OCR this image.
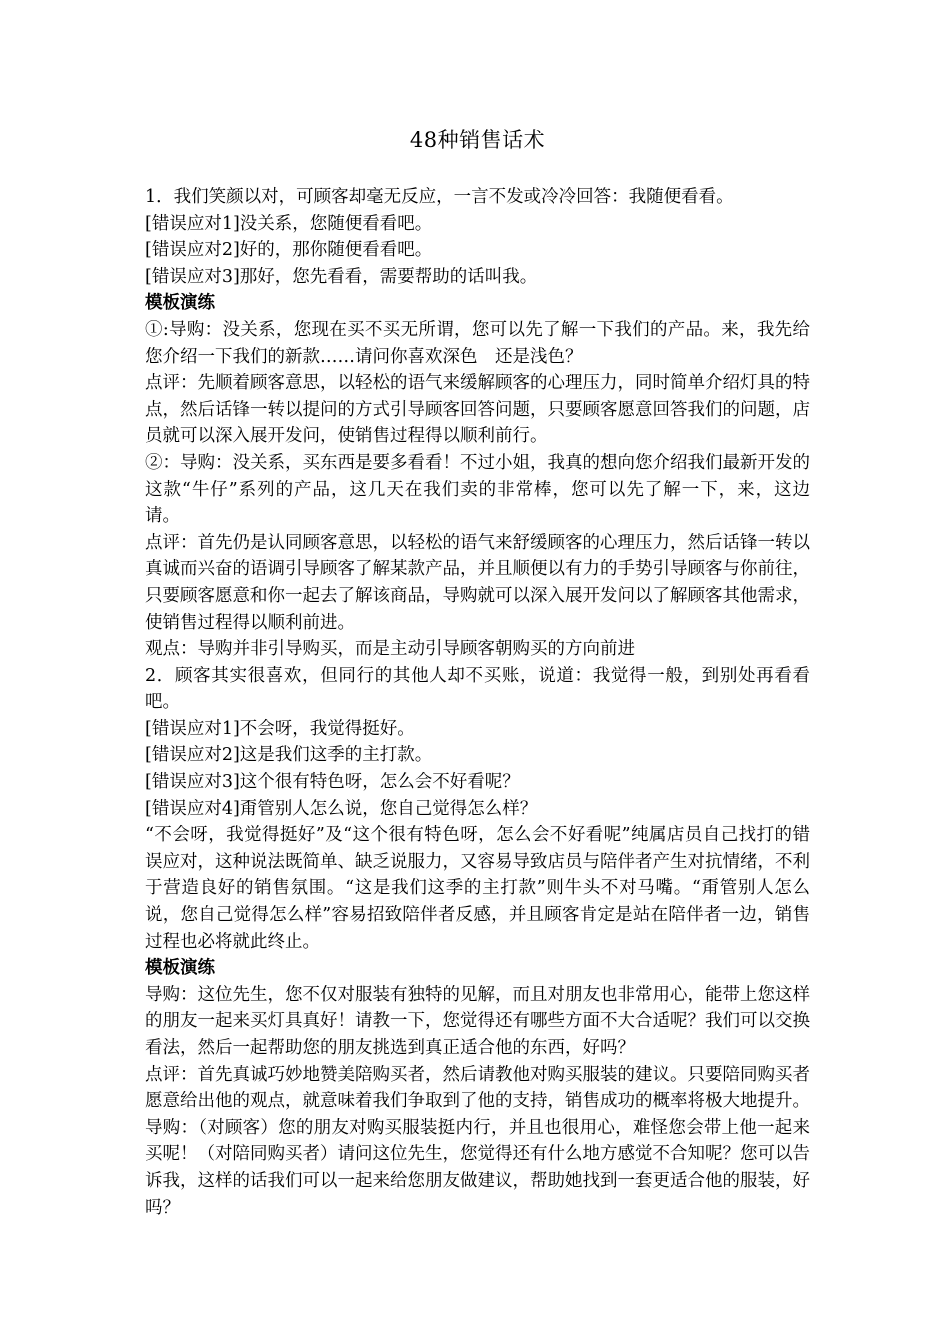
48种销售话术

1．我们笑颜以对，可顾客却毫无反应，一言不发或冷冷回答：我随便看看。

[错误应对1]没关系，您随便看看吧。

[错误应对2]好的，那你随便看看吧。

[错误应对3]那好，您先看看，需要帮助的话叫我。

模板演练

①:导购：没关系，您现在买不买无所谓，您可以先了解一下我们的产品。来，我先给您介绍一下我们的新款……请问你喜欢深色　还是浅色？

点评：先顺着顾客意思，以轻松的语气来缓解顾客的心理压力，同时简单介绍灯具的特点，然后话锋一转以提问的方式引导顾客回答问题，只要顾客愿意回答我们的问题，店员就可以深入展开发问，使销售过程得以顺利前行。

②：导购：没关系，买东西是要多看看！不过小姐，我真的想向您介绍我们最新开发的这款“牛仔”系列的产品，这几天在我们卖的非常棒，您可以先了解一下，来，这边请。

点评：首先仍是认同顾客意思，以轻松的语气来舒缓顾客的心理压力，然后话锋一转以真诚而兴奋的语调引导顾客了解某款产品，并且顺便以有力的手势引导顾客与你前往，只要顾客愿意和你一起去了解该商品，导购就可以深入展开发问以了解顾客其他需求，使销售过程得以顺利前进。

观点：导购并非引导购买，而是主动引导顾客朝购买的方向前进

2．顾客其实很喜欢，但同行的其他人却不买账，说道：我觉得一般，到别处再看看吧。

[错误应对1]不会呀，我觉得挺好。

[错误应对2]这是我们这季的主打款。

[错误应对3]这个很有特色呀，怎么会不好看呢？

[错误应对4]甭管别人怎么说，您自己觉得怎么样？

“不会呀，我觉得挺好”及“这个很有特色呀，怎么会不好看呢”纯属店员自己找打的错误应对，这种说法既简单、缺乏说服力，又容易导致店员与陪伴者产生对抗情绪，不利于营造良好的销售氛围。“这是我们这季的主打款”则牛头不对马嘴。“甭管别人怎么说，您自己觉得怎么样”容易招致陪伴者反感，并且顾客肯定是站在陪伴者一边，销售过程也必将就此终止。

模板演练

导购：这位先生，您不仅对服装有独特的见解，而且对朋友也非常用心，能带上您这样的朋友一起来买灯具真好！请教一下，您觉得还有哪些方面不大合适呢？我们可以交换看法，然后一起帮助您的朋友挑选到真正适合他的东西，好吗？

点评：首先真诚巧妙地赞美陪购买者，然后请教他对购买服装的建议。只要陪同购买者愿意给出他的观点，就意味着我们争取到了他的支持，销售成功的概率将极大地提升。

导购：（对顾客）您的朋友对购买服装挺内行，并且也很用心，难怪您会带上他一起来买呢！（对陪同购买者）请问这位先生，您觉得还有什么地方感觉不合知呢？您可以告诉我，这样的话我们可以一起来给您朋友做建议，帮助她找到一套更适合他的服装，好吗？
